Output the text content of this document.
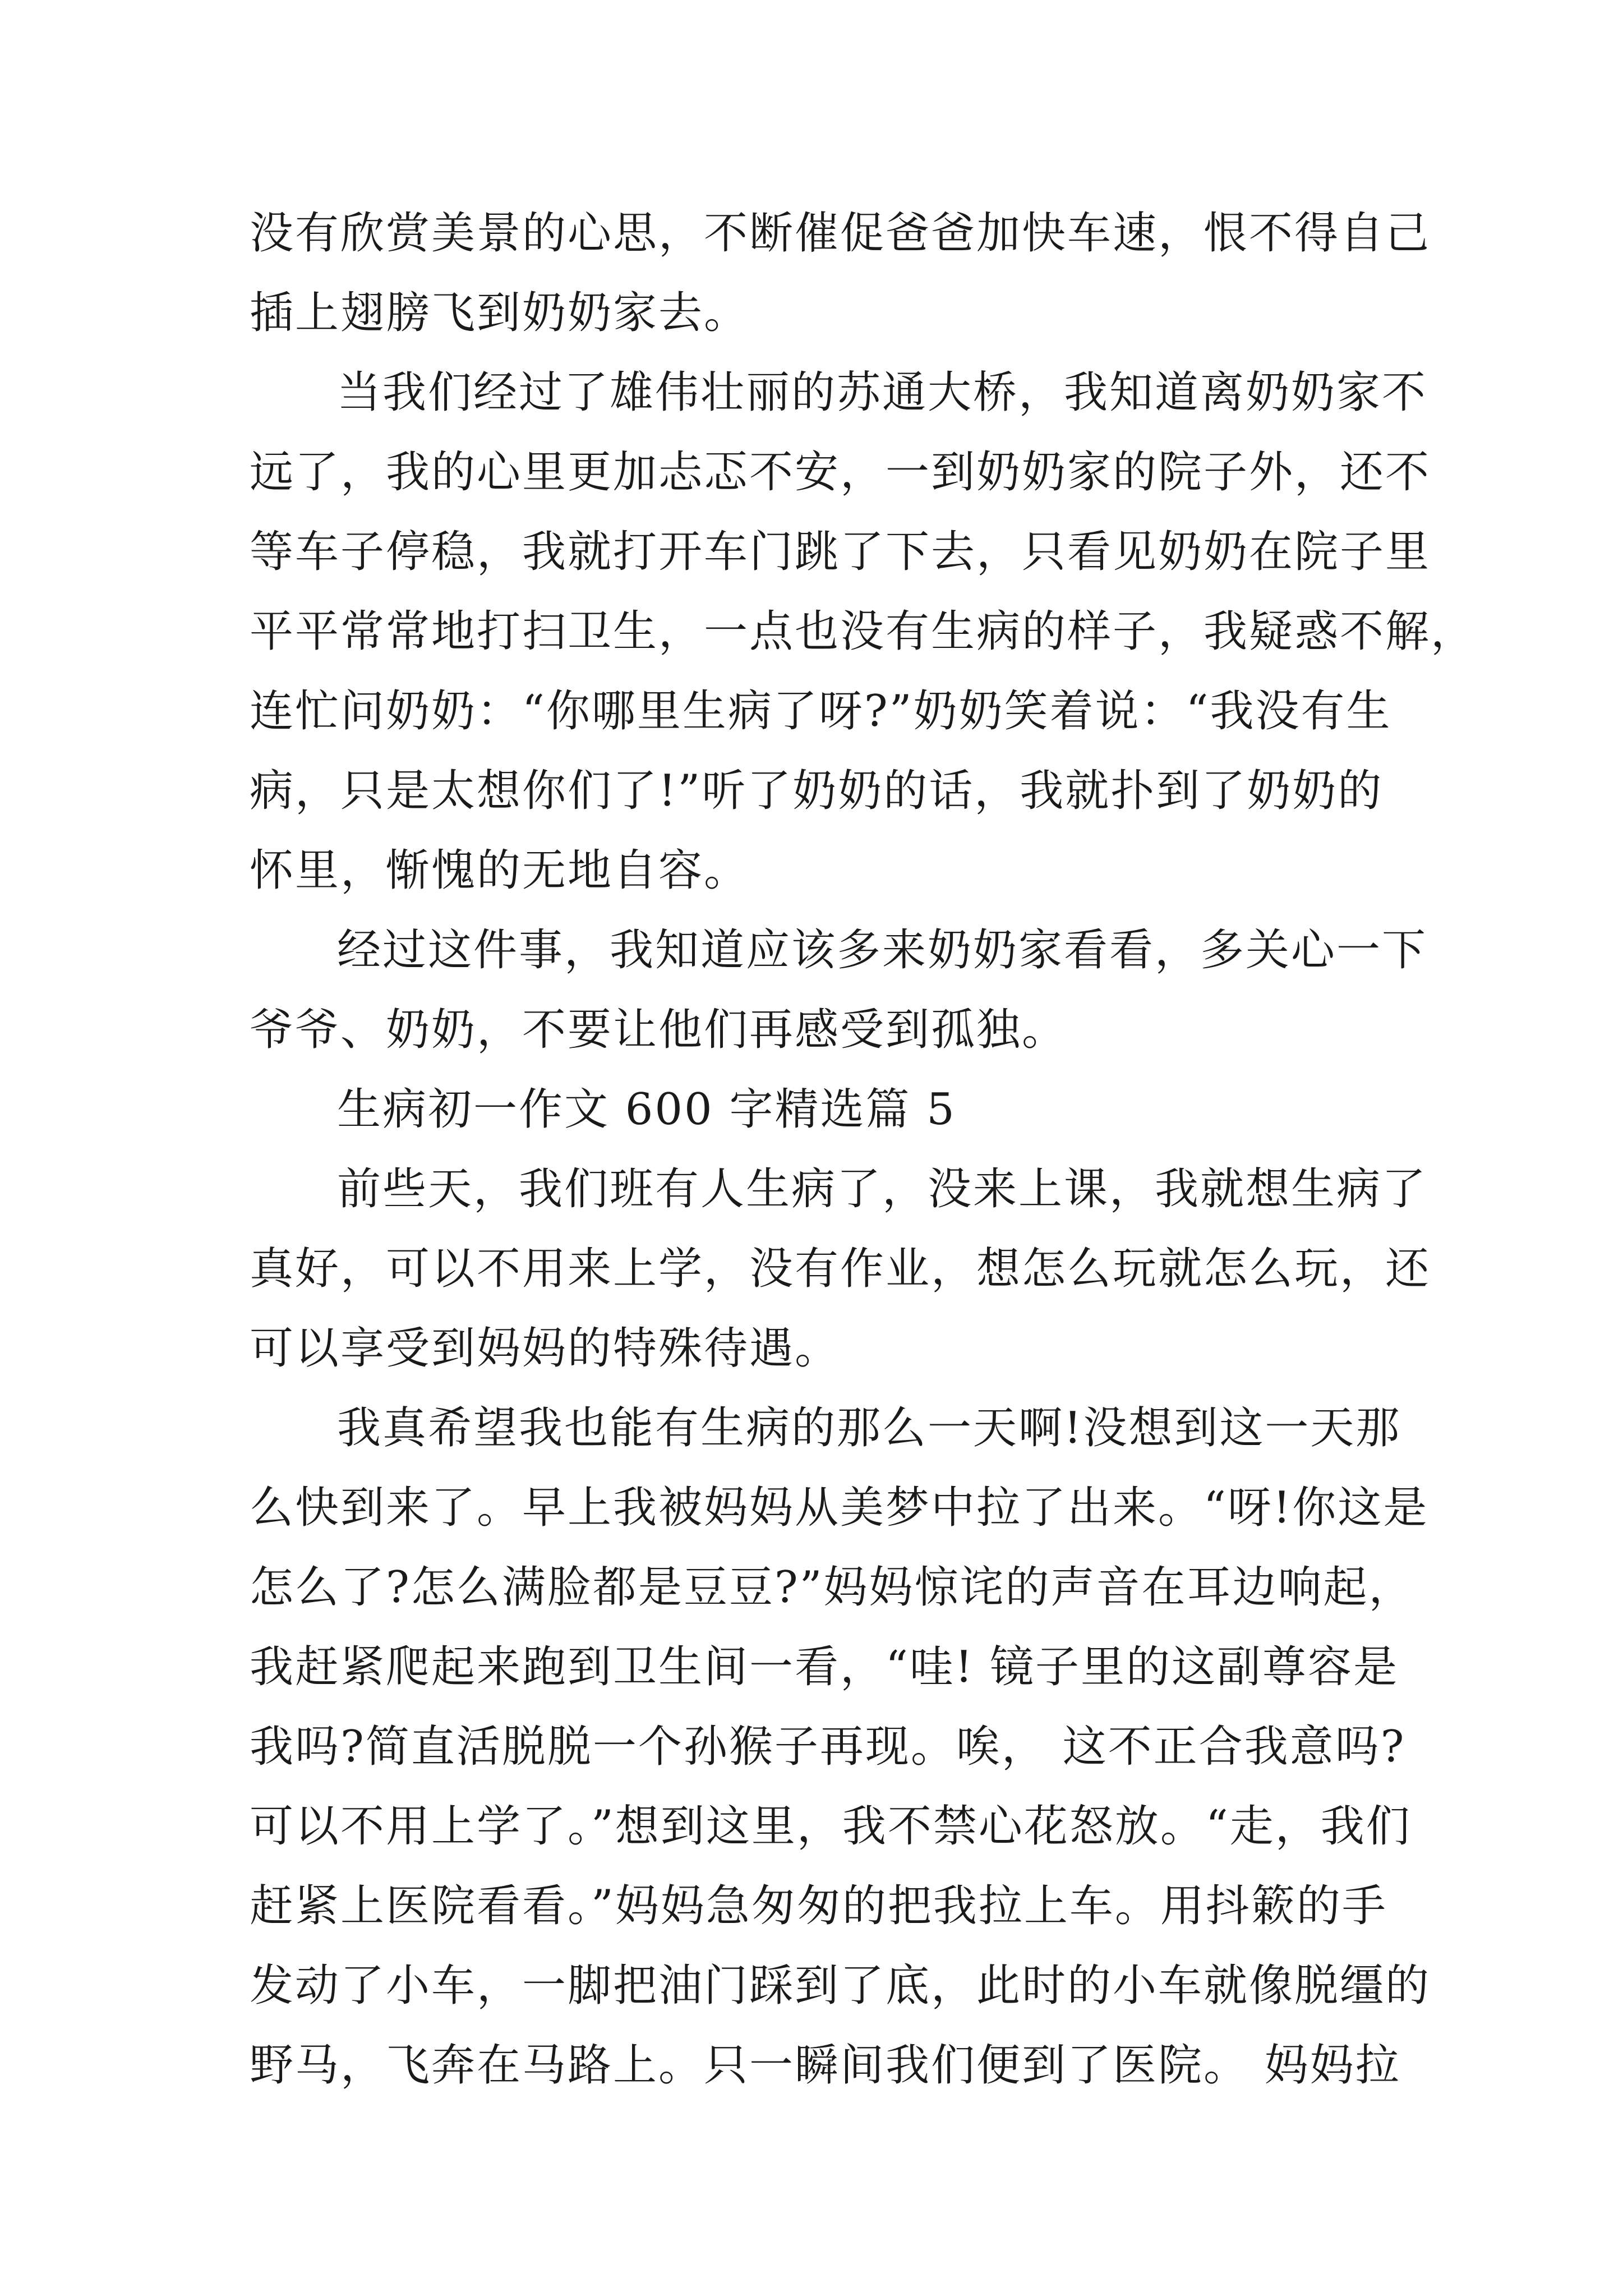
没有欣赏美景的心思，不断催促爸爸加快车速，恨不得自己
插上翅膀飞到奶奶家去。
当我们经过了雄伟壮丽的苏通大桥，我知道离奶奶家不
远了，我的心里更加忐忑不安，一到奶奶家的院子外，还不
等车子停稳，我就打开车门跳了下去，只看见奶奶在院子里
平平常常地打扫卫生，一点也没有生病的样子，我疑惑不解，
连忙问奶奶：“你哪里生病了呀?”奶奶笑着说：“我没有生
病，只是太想你们了!”听了奶奶的话，我就扑到了奶奶的
怀里，惭愧的无地自容。
经过这件事，我知道应该多来奶奶家看看，多关心一下
爷爷、奶奶，不要让他们再感受到孤独。
生病初一作文 600 字精选篇 5
前些天，我们班有人生病了，没来上课，我就想生病了
真好，可以不用来上学，没有作业，想怎么玩就怎么玩，还
可以享受到妈妈的特殊待遇。
我真希望我也能有生病的那么一天啊!没想到这一天那
么快到来了。早上我被妈妈从美梦中拉了出来。“呀!你这是
怎么了?怎么满脸都是豆豆?”妈妈惊诧的声音在耳边响起，
我赶紧爬起来跑到卫生间一看，“哇! 镜子里的这副尊容是
我吗?简直活脱脱一个孙猴子再现。唉， 这不正合我意吗?
可以不用上学了。”想到这里，我不禁心花怒放。“走，我们
赶紧上医院看看。”妈妈急匆匆的把我拉上车。用抖簌的手
发动了小车，一脚把油门踩到了底，此时的小车就像脱缰的
野马，飞奔在马路上。只一瞬间我们便到了医院。 妈妈拉
